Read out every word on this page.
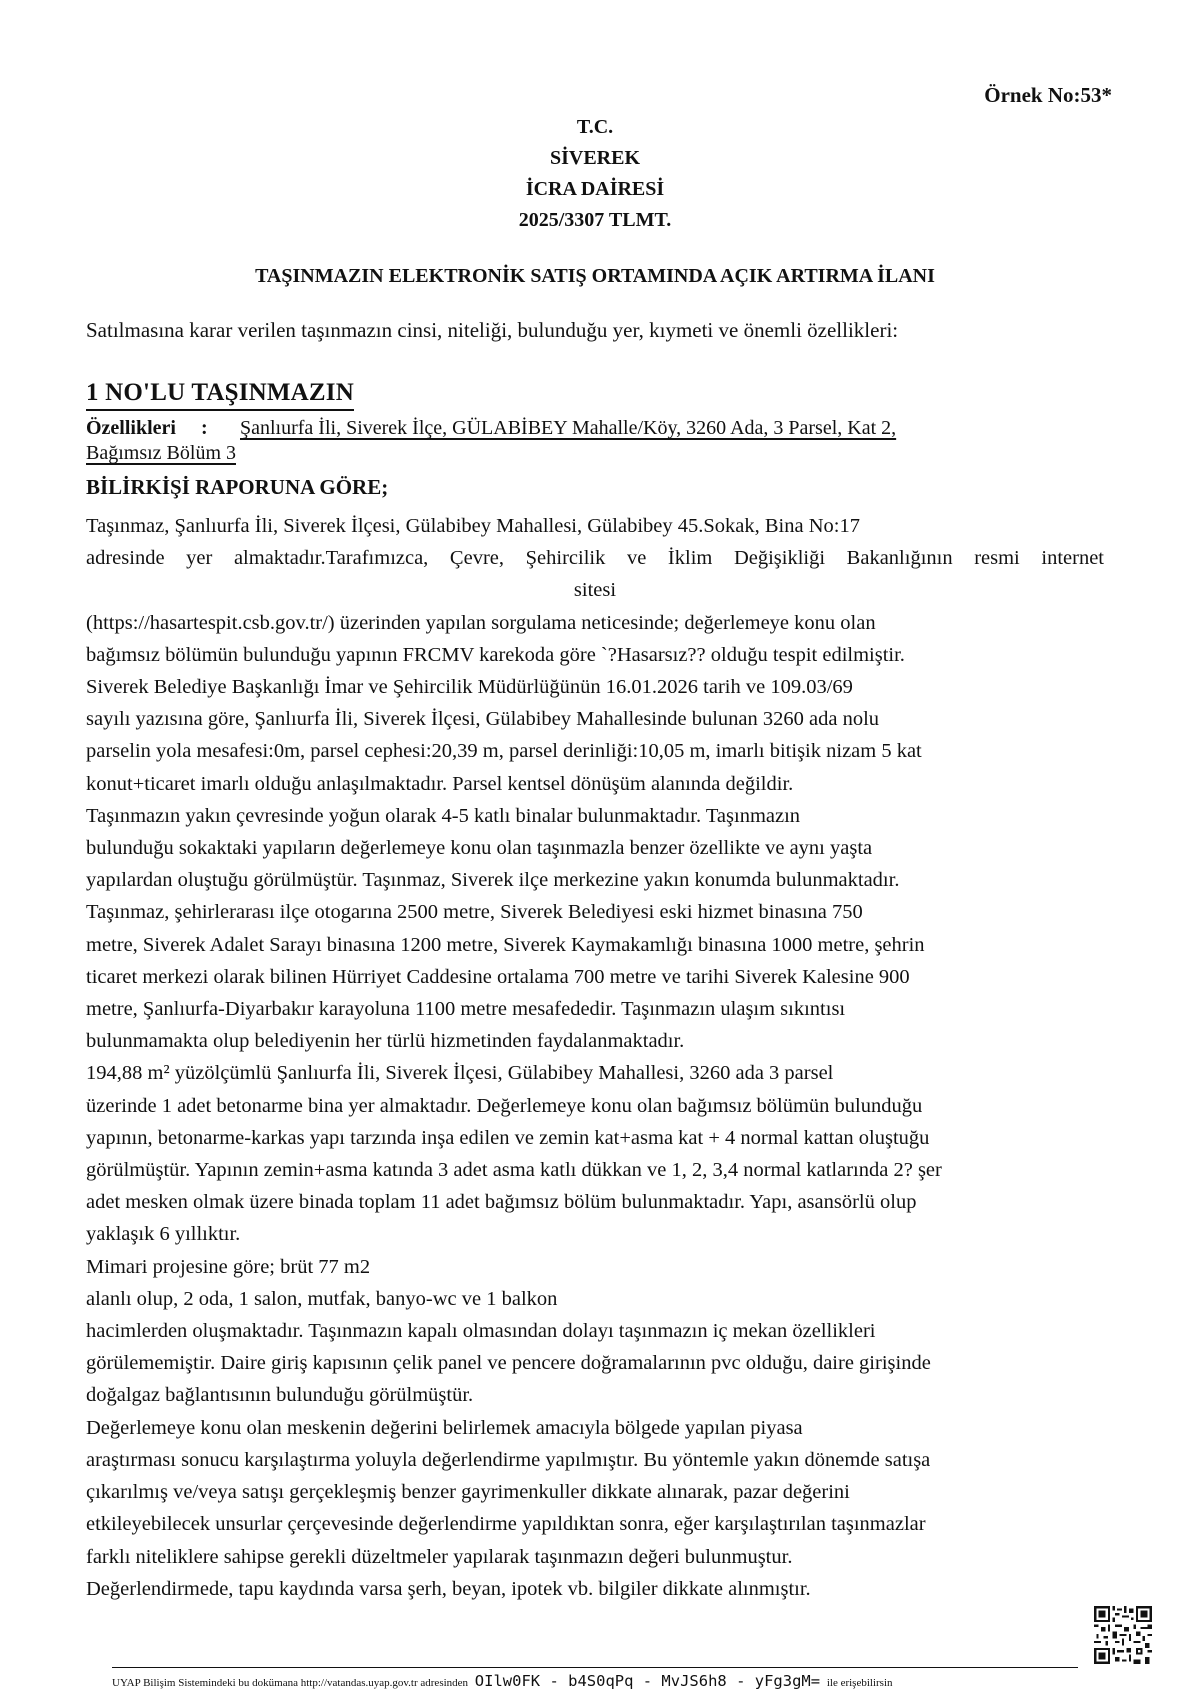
Örnek No:53*
T.C.
SİVEREK
İCRA DAİRESİ
2025/3307 TLMT.
TAŞINMAZIN ELEKTRONİK SATIŞ ORTAMINDA AÇIK ARTIRMA İLANI
Satılmasına karar verilen taşınmazın cinsi, niteliği, bulunduğu yer, kıymeti ve önemli özellikleri:
1 NO'LU TAŞINMAZIN
Özellikleri     : Şanlıurfa İli, Siverek İlçe, GÜLABİBEY Mahalle/Köy, 3260 Ada, 3 Parsel, Kat 2,
Bağımsız Bölüm 3
BİLİRKİŞİ RAPORUNA GÖRE;
Taşınmaz, Şanlıurfa İli, Siverek İlçesi, Gülabibey Mahallesi, Gülabibey 45.Sokak, Bina No:17
adresinde yer almaktadır.Tarafımızca, Çevre, Şehircilik ve İklim Değişikliği Bakanlığının resmi internet
sitesi
(https://hasartespit.csb.gov.tr/) üzerinden yapılan sorgulama neticesinde; değerlemeye konu olan
bağımsız bölümün bulunduğu yapının FRCMV karekoda göre `?Hasarsız?? olduğu tespit edilmiştir.
Siverek Belediye Başkanlığı İmar ve Şehircilik Müdürlüğünün 16.01.2026 tarih ve 109.03/69
sayılı yazısına göre, Şanlıurfa İli, Siverek İlçesi, Gülabibey Mahallesinde bulunan 3260 ada nolu
parselin yola mesafesi:0m, parsel cephesi:20,39 m, parsel derinliği:10,05 m, imarlı bitişik nizam 5 kat
konut+ticaret imarlı olduğu anlaşılmaktadır. Parsel kentsel dönüşüm alanında değildir.
Taşınmazın yakın çevresinde yoğun olarak 4-5 katlı binalar bulunmaktadır. Taşınmazın
bulunduğu sokaktaki yapıların değerlemeye konu olan taşınmazla benzer özellikte ve aynı yaşta
yapılardan oluştuğu görülmüştür. Taşınmaz, Siverek ilçe merkezine yakın konumda bulunmaktadır.
Taşınmaz, şehirlerarası ilçe otogarına 2500 metre, Siverek Belediyesi eski hizmet binasına 750
metre, Siverek Adalet Sarayı binasına 1200 metre, Siverek Kaymakamlığı binasına 1000 metre, şehrin
ticaret merkezi olarak bilinen Hürriyet Caddesine ortalama 700 metre ve tarihi Siverek Kalesine 900
metre, Şanlıurfa-Diyarbakır karayoluna 1100 metre mesafededir. Taşınmazın ulaşım sıkıntısı
bulunmamakta olup belediyenin her türlü hizmetinden faydalanmaktadır.
194,88 m² yüzölçümlü Şanlıurfa İli, Siverek İlçesi, Gülabibey Mahallesi, 3260 ada 3 parsel
üzerinde 1 adet betonarme bina yer almaktadır. Değerlemeye konu olan bağımsız bölümün bulunduğu
yapının, betonarme-karkas yapı tarzında inşa edilen ve zemin kat+asma kat + 4 normal kattan oluştuğu
görülmüştür. Yapının zemin+asma katında 3 adet asma katlı dükkan ve 1, 2, 3,4 normal katlarında 2? şer
adet mesken olmak üzere binada toplam 11 adet bağımsız bölüm bulunmaktadır. Yapı, asansörlü olup
yaklaşık 6 yıllıktır.
Mimari projesine göre; brüt 77 m2
alanlı olup, 2 oda, 1 salon, mutfak, banyo-wc ve 1 balkon
hacimlerden oluşmaktadır. Taşınmazın kapalı olmasından dolayı taşınmazın iç mekan özellikleri
görülememiştir. Daire giriş kapısının çelik panel ve pencere doğramalarının pvc olduğu, daire girişinde
doğalgaz bağlantısının bulunduğu görülmüştür.
Değerlemeye konu olan meskenin değerini belirlemek amacıyla bölgede yapılan piyasa
araştırması sonucu karşılaştırma yoluyla değerlendirme yapılmıştır. Bu yöntemle yakın dönemde satışa
çıkarılmış ve/veya satışı gerçekleşmiş benzer gayrimenkuller dikkate alınarak, pazar değerini
etkileyebilecek unsurlar çerçevesinde değerlendirme yapıldıktan sonra, eğer karşılaştırılan taşınmazlar
farklı niteliklere sahipse gerekli düzeltmeler yapılarak taşınmazın değeri bulunmuştur.
Değerlendirmede, tapu kaydında varsa şerh, beyan, ipotek vb. bilgiler dikkate alınmıştır.
UYAP Bilişim Sistemindeki bu dokümana http://vatandas.uyap.gov.tr adresinden OIlw0FK - b4S0qPq - MvJS6h8 - yFg3gM= ile erişebilirsin
